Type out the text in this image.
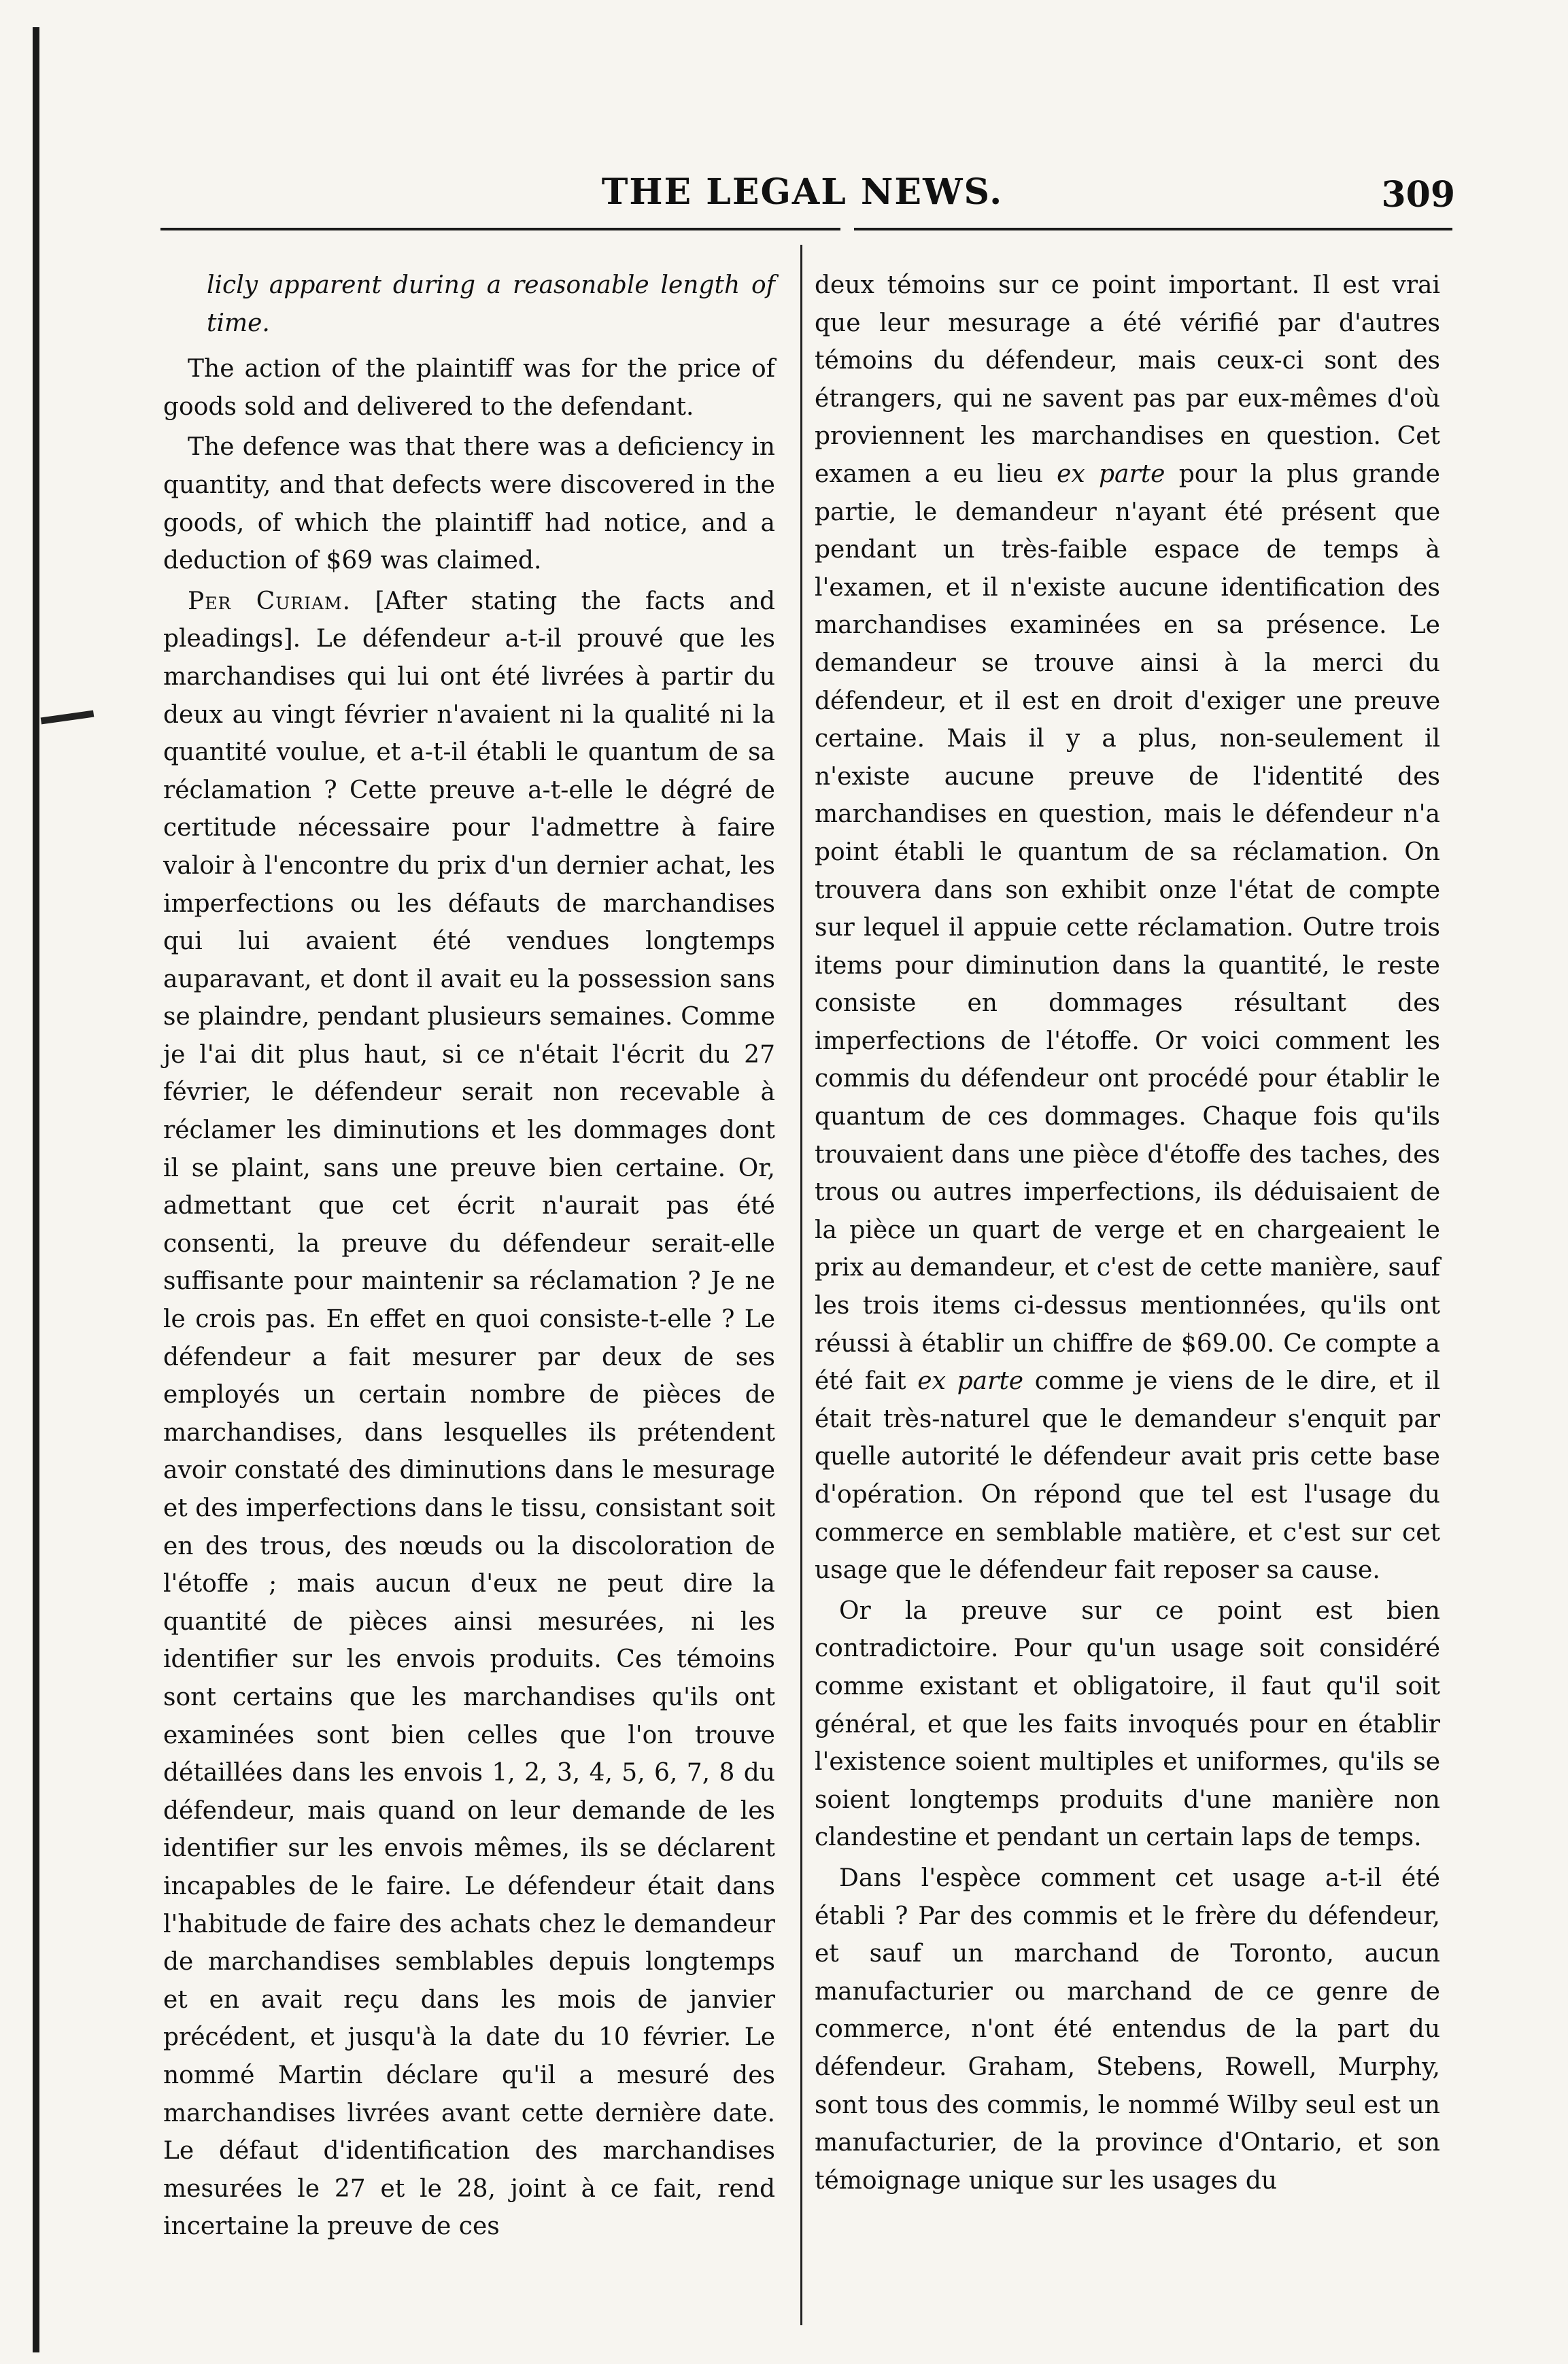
THE LEGAL NEWS.	309

licly apparent during a reasonable length of time.

The action of the plaintiff was for the price of goods sold and delivered to the defendant.

The defence was that there was a deficiency in quantity, and that defects were discovered in the goods, of which the plaintiff had notice, and a deduction of $69 was claimed.

Per Curiam. [After stating the facts and pleadings]. Le défendeur a-t-il prouvé que les marchandises qui lui ont été livrées à partir du deux au vingt février n'avaient ni la qualité ni la quantité voulue, et a-t-il établi le quantum de sa réclamation ? Cette preuve a-t-elle le dégré de certitude nécessaire pour l'admettre à faire valoir à l'encontre du prix d'un dernier achat, les imperfections ou les défauts de marchandises qui lui avaient été vendues longtemps auparavant, et dont il avait eu la possession sans se plaindre, pendant plusieurs semaines. Comme je l'ai dit plus haut, si ce n'était l'écrit du 27 février, le défendeur serait non recevable à réclamer les diminutions et les dommages dont il se plaint, sans une preuve bien certaine. Or, admettant que cet écrit n'aurait pas été consenti, la preuve du défendeur serait-elle suffisante pour maintenir sa réclamation ? Je ne le crois pas. En effet en quoi consiste-t-elle ? Le défendeur a fait mesurer par deux de ses employés un certain nombre de pièces de marchandises, dans lesquelles ils prétendent avoir constaté des diminutions dans le mesurage et des imperfections dans le tissu, consistant soit en des trous, des nœuds ou la discoloration de l'étoffe ; mais aucun d'eux ne peut dire la quantité de pièces ainsi mesurées, ni les identifier sur les envois produits. Ces témoins sont certains que les marchandises qu'ils ont examinées sont bien celles que l'on trouve détaillées dans les envois 1, 2, 3, 4, 5, 6, 7, 8 du défendeur, mais quand on leur demande de les identifier sur les envois mêmes, ils se déclarent incapables de le faire. Le défendeur était dans l'habitude de faire des achats chez le demandeur de marchandises semblables depuis longtemps et en avait reçu dans les mois de janvier précédent, et jusqu'à la date du 10 février. Le nommé Martin déclare qu'il a mesuré des marchandises livrées avant cette dernière date. Le défaut d'identification des marchandises mesurées le 27 et le 28, joint à ce fait, rend incertaine la preuve de ces

deux témoins sur ce point important. Il est vrai que leur mesurage a été vérifié par d'autres témoins du défendeur, mais ceux-ci sont des étrangers, qui ne savent pas par eux-mêmes d'où proviennent les marchandises en question. Cet examen a eu lieu ex parte pour la plus grande partie, le demandeur n'ayant été présent que pendant un très-faible espace de temps à l'examen, et il n'existe aucune identification des marchandises examinées en sa présence. Le demandeur se trouve ainsi à la merci du défendeur, et il est en droit d'exiger une preuve certaine. Mais il y a plus, non-seulement il n'existe aucune preuve de l'identité des marchandises en question, mais le défendeur n'a point établi le quantum de sa réclamation. On trouvera dans son exhibit onze l'état de compte sur lequel il appuie cette réclamation. Outre trois items pour diminution dans la quantité, le reste consiste en dommages résultant des imperfections de l'étoffe. Or voici comment les commis du défendeur ont procédé pour établir le quantum de ces dommages. Chaque fois qu'ils trouvaient dans une pièce d'étoffe des taches, des trous ou autres imperfections, ils déduisaient de la pièce un quart de verge et en chargeaient le prix au demandeur, et c'est de cette manière, sauf les trois items ci-dessus mentionnées, qu'ils ont réussi à établir un chiffre de $69.00. Ce compte a été fait ex parte comme je viens de le dire, et il était très-naturel que le demandeur s'enquit par quelle autorité le défendeur avait pris cette base d'opération. On répond que tel est l'usage du commerce en semblable matière, et c'est sur cet usage que le défendeur fait reposer sa cause.

Or la preuve sur ce point est bien contradictoire. Pour qu'un usage soit considéré comme existant et obligatoire, il faut qu'il soit général, et que les faits invoqués pour en établir l'existence soient multiples et uniformes, qu'ils se soient longtemps produits d'une manière non clandestine et pendant un certain laps de temps.

Dans l'espèce comment cet usage a-t-il été établi ? Par des commis et le frère du défendeur, et sauf un marchand de Toronto, aucun manufacturier ou marchand de ce genre de commerce, n'ont été entendus de la part du défendeur. Graham, Stebens, Rowell, Murphy, sont tous des commis, le nommé Wilby seul est un manufacturier, de la province d'Ontario, et son témoignage unique sur les usages du
